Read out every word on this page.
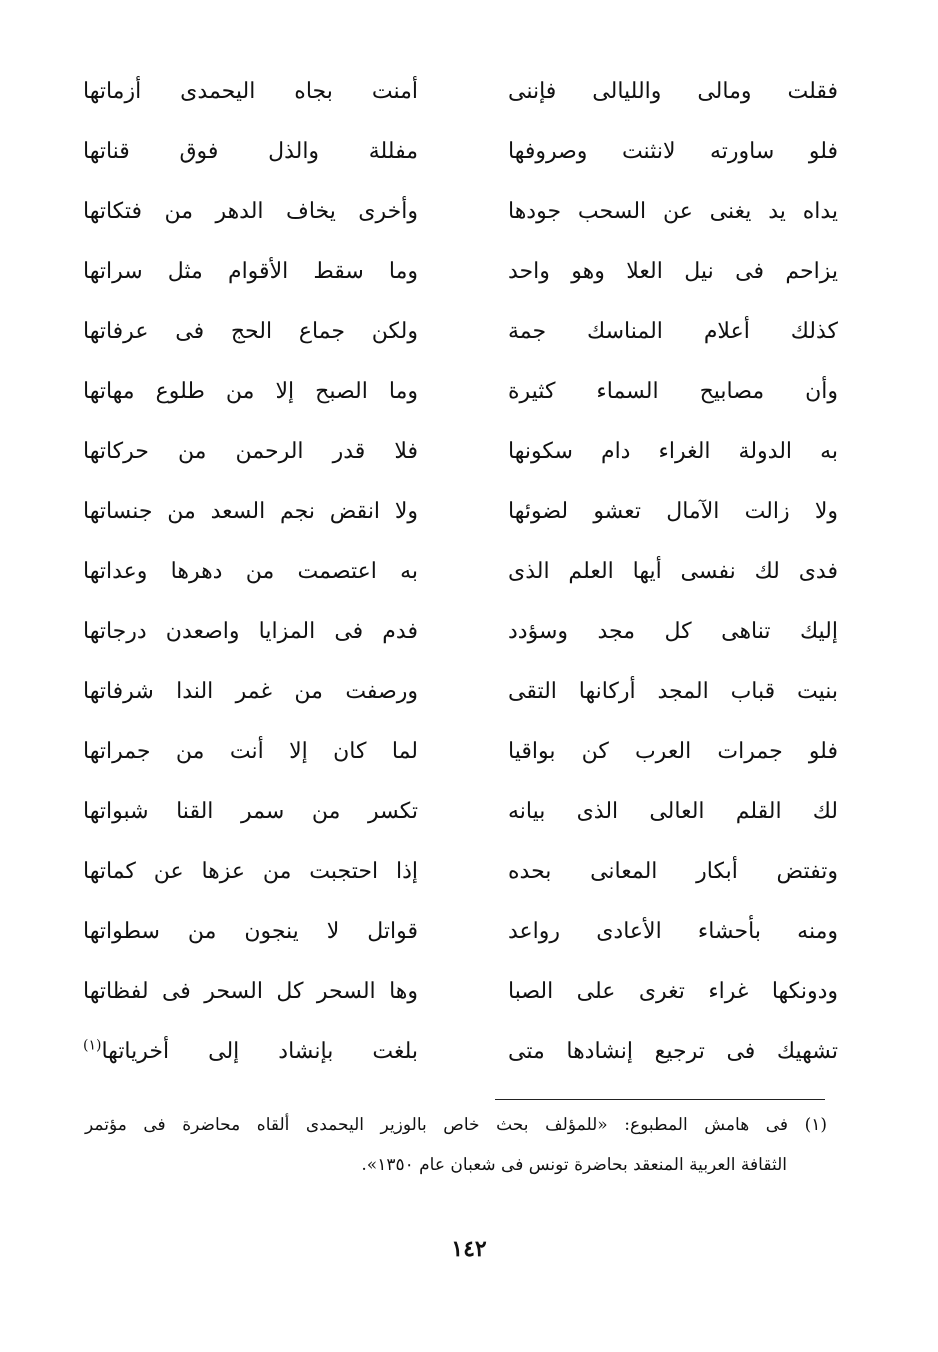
فقلت ومالى والليالى فإننى
أمنت بجاه اليحمدى أزماتها
فلو ساورته لانثنت وصروفها
مفللة والذل فوق قناتها
يداه يد يغنى عن السحب جودها
وأخرى يخاف الدهر من فتكاتها
يزاحم فى نيل العلا وهو واحد
وما سقط الأقوام مثل سراتها
كذلك أعلام المناسك جمة
ولكن جماع الحج فى عرفاتها
وأن مصابيح السماء كثيرة
وما الصبح إلا من طلوع مهاتها
به الدولة الغراء دام سكونها
فلا قدر الرحمن من حركاتها
ولا زالت الآمال تعشو لضوئها
ولا انقض نجم السعد من جنساتها
فدى لك نفسى أيها العلم الذى
به اعتصمت من دهرها وعداتها
إليك تناهى كل مجد وسؤدد
فدم فى المزايا واصعدن درجاتها
بنيت قباب المجد أركانها التقى
ورصفت من غمر الندا شرفاتها
فلو جمرات العرب كن بواقيا
لما كان إلا أنت من جمراتها
لك القلم العالى الذى بيانه
تكسر من سمر القنا شبواتها
وتفتض أبكار المعانى بحده
إذا احتجبت من عزها عن كماتها
ومنه بأحشاء الأعادى رواعد
قواتل لا ينجون من سطواتها
ودونكها غراء تغرى على الصبا
وها السحر كل السحر فى لفظاتها
تشهيك فى ترجيع إنشادها متى
بلغت بإنشاد إلى أخرياتها$^{(١)}$
(١) فى هامش المطبوع: «للمؤلف بحث خاص بالوزير اليحمدى ألقاه محاضرة فى مؤتمر
الثقافة العربية المنعقد بحاضرة تونس فى شعبان عام ١٣٥٠».
١٤٢
